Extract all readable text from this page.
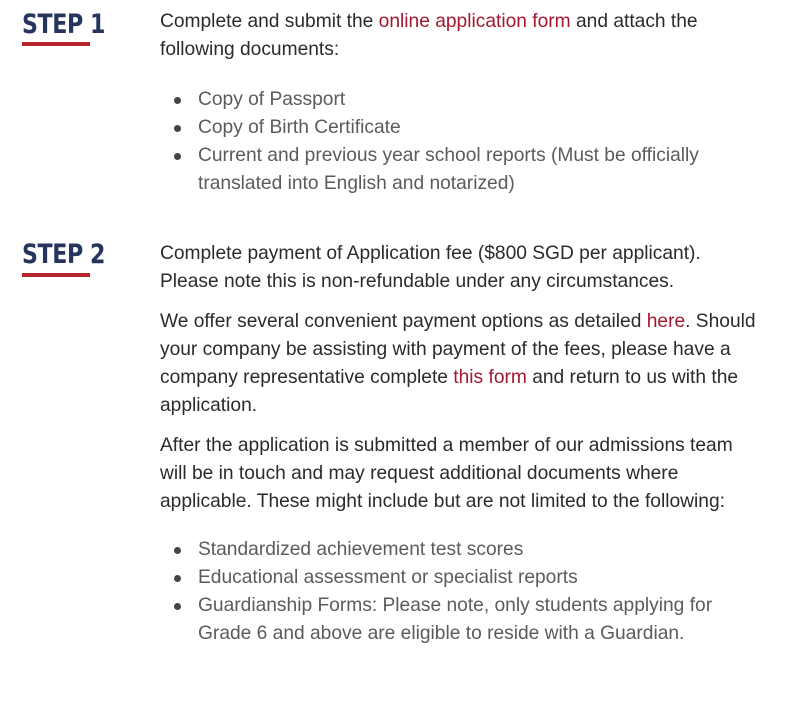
STEP 1	Complete and submit the online application form and attach the following documents:

Copy of Passport
Copy of Birth Certificate
Current and previous year school reports (Must be officially translated into English and notarized)
STEP 2	Complete payment of Application fee ($800 SGD per applicant). Please note this is non-refundable under any circumstances.

We offer several convenient payment options as detailed here. Should your company be assisting with payment of the fees, please have a company representative complete this form and return to us with the application.

After the application is submitted a member of our admissions team will be in touch and may request additional documents where applicable. These might include but are not limited to the following:

Standardized achievement test scores
Educational assessment or specialist reports
Guardianship Forms: Please note, only students applying for Grade 6 and above are eligible to reside with a Guardian.
